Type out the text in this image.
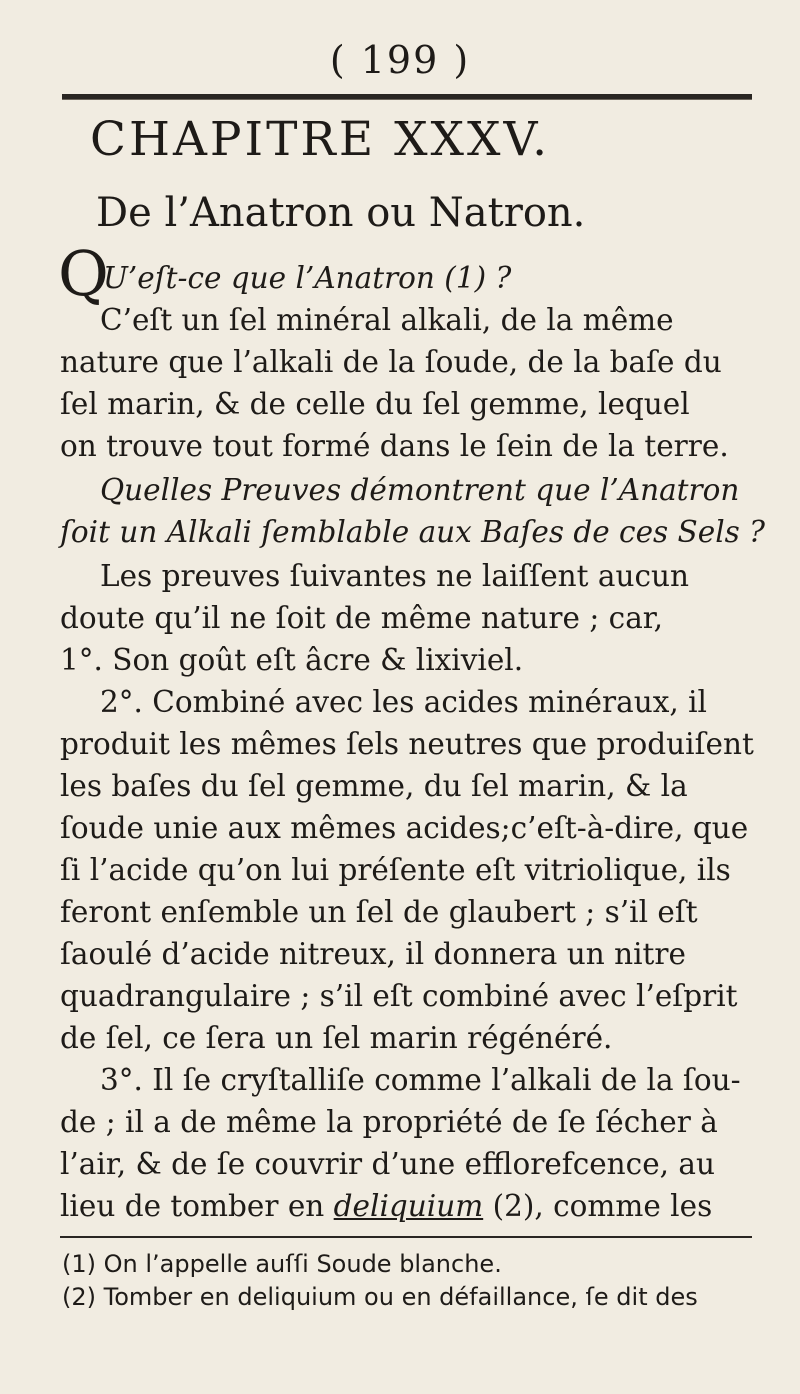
( 199 )
CHAPITRE XXXV.
De l’Anatron ou Natron.
Q
U’eſt-ce que l’Anatron (1) ?
C’eſt un ſel minéral alkali, de la même
nature que l’alkali de la ſoude, de la baſe du
ſel marin, & de celle du ſel gemme, lequel
on trouve tout formé dans le ſein de la terre.
Quelles Preuves démontrent que l’Anatron
ſoit un Alkali ſemblable aux Baſes de ces Sels ?
Les preuves ſuivantes ne laiſſent aucun
doute qu’il ne ſoit de même nature ; car,
1°. Son goût eſt âcre & lixiviel.
2°. Combiné avec les acides minéraux, il
produit les mêmes ſels neutres que produiſent
les baſes du ſel gemme, du ſel marin, & la
ſoude unie aux mêmes acides;c’eſt-à-dire, que
ſi l’acide qu’on lui préſente eſt vitriolique, ils
feront enſemble un ſel de glaubert ; s’il eſt
ſaoulé d’acide nitreux, il donnera un nitre
quadrangulaire ; s’il eſt combiné avec l’eſprit
de ſel, ce ſera un ſel marin régénéré.
3°. Il ſe cryſtalliſe comme l’alkali de la ſou-
de ; il a de même la propriété de ſe ſécher à
l’air, & de ſe couvrir d’une efflorefcence, au
lieu de tomber en deliquium (2), comme les
(1) On l’appelle auſſi Soude blanche.
(2) Tomber en deliquium ou en défaillance, ſe dit des
